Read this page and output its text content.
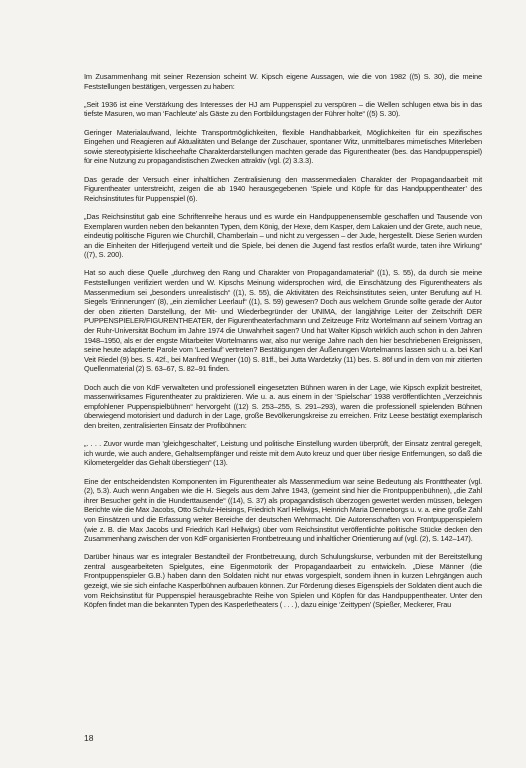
Im Zusammenhang mit seiner Rezension scheint W. Kipsch eigene Aussagen, wie die von 1982 ((5) S. 30), die meine Feststellungen bestätigen, vergessen zu haben:

„Seit 1936 ist eine Verstärkung des Interesses der HJ am Puppenspiel zu verspüren – die Wellen schlugen etwa bis in das tiefste Masuren, wo man ‘Fachleute’ als Gäste zu den Fortbildungstagen der Führer holte“ ((5) S. 30).

Geringer Materialaufwand, leichte Transportmöglichkeiten, flexible Handhabbarkeit, Möglichkeiten für ein spezifisches Eingehen und Reagieren auf Aktualitäten und Belange der Zuschauer, spontaner Witz, unmittelbares mimetisches Miterleben sowie stereotypisierte klischeehafte Charakterdarstellungen machten gerade das Figurentheater (bes. das Handpuppenspiel) für eine Nutzung zu propagandistischen Zwecken attraktiv (vgl. (2) 3.3.3).

Das gerade der Versuch einer inhaltlichen Zentralisierung den massenmedialen Charakter der Propagandaarbeit mit Figurentheater unterstreicht, zeigen die ab 1940 herausgegebenen ‘Spiele und Köpfe für das Handpuppentheater’ des Reichsinstitutes für Puppenspiel (6).

„Das Reichsinstitut gab eine Schriftenreihe heraus und es wurde ein Handpuppenensemble geschaffen und Tausende von Exemplaren wurden neben den bekannten Typen, dem König, der Hexe, dem Kasper, dem Lakaien und der Grete, auch neue, eindeutig politische Figuren wie Churchill, Chamberlain – und nicht zu vergessen – der Jude, hergestellt. Diese Serien wurden an die Einheiten der Hitlerjugend verteilt und die Spiele, bei denen die Jugend fast restlos erfaßt wurde, taten ihre Wirkung“ ((7), S. 200).

Hat so auch diese Quelle „durchweg den Rang und Charakter von Propagandamaterial“ ((1), S. 55), da durch sie meine Feststellungen verifiziert werden und W. Kipschs Meinung widersprochen wird, die Einschätzung des Figurentheaters als Massenmedium sei „besonders unrealistisch“ ((1), S. 55), die Aktivitäten des Reichsinstitutes seien, unter Berufung auf H. Siegels ‘Erinnerungen’ (8), „ein ziemlicher Leerlauf“ ((1), S. 59) gewesen? Doch aus welchem Grunde sollte gerade der Autor der oben zitierten Darstellung, der Mit- und Wiederbegründer der UNIMA, der langjährige Leiter der Zeitschrift DER PUPPENSPIELER/FIGURENTHEATER, der Figurentheaterfachmann und Zeitzeuge Fritz Wortelmann auf seinem Vortrag an der Ruhr-Universität Bochum im Jahre 1974 die Unwahrheit sagen? Und hat Walter Kipsch wirklich auch schon in den Jahren 1948–1950, als er der engste Mitarbeiter Wortelmanns war, also nur wenige Jahre nach den hier beschriebenen Ereignissen, seine heute adaptierte Parole vom ‘Leerlauf’ vertreten? Bestätigungen der Äußerungen Wortelmanns lassen sich u. a. bei Karl Veit Riedel (9) bes. S. 42f., bei Manfred Wegner (10) S. 81ff., bei Jutta Wardetzky (11) bes. S. 86f und in dem von mir zitierten Quellenmaterial (2) S. 63–67, S. 82–91 finden.

Doch auch die von KdF verwalteten und professionell eingesetzten Bühnen waren in der Lage, wie Kipsch explizit bestreitet, massenwirksames Figurentheater zu praktizieren. Wie u. a. aus einem in der ‘Spielschar’ 1938 veröffentlichten „Verzeichnis empfohlener Puppenspielbühnen“ hervorgeht ((12) S. 253–255, S. 291–293), waren die professionell spielenden Bühnen überwiegend motorisiert und dadurch in der Lage, große Bevölkerungskreise zu erreichen. Fritz Leese bestätigt exemplarisch den breiten, zentralisierten Einsatz der Profibühnen:

„. . . . Zuvor wurde man ‘gleichgeschaltet’, Leistung und politische Einstellung wurden überprüft, der Einsatz zentral geregelt, ich wurde, wie auch andere, Gehaltsempfänger und reiste mit dem Auto kreuz und quer über riesige Entfernungen, so daß die Kilometergelder das Gehalt überstiegen“ (13).

Eine der entscheidendsten Komponenten im Figurentheater als Massenmedium war seine Bedeutung als Frontttheater (vgl. (2), 5.3). Auch wenn Angaben wie die H. Siegels aus dem Jahre 1943, (gemeint sind hier die Frontpuppenbühnen), „die Zahl ihrer Besucher geht in die Hunderttausende“ ((14), S. 37) als propagandistisch überzogen gewertet werden müssen, belegen Berichte wie die Max Jacobs, Otto Schulz-Heisings, Friedrich Karl Hellwigs, Heinrich Maria Denneborgs u. v. a. eine große Zahl von Einsätzen und die Erfassung weiter Bereiche der deutschen Wehrmacht. Die Autorenschaften von Frontpuppenspielern (wie z. B. die Max Jacobs und Friedrich Karl Hellwigs) über vom Reichsinstitut veröffentlichte politische Stücke decken den Zusammenhang zwischen der von KdF organisierten Frontbetreuung und inhaltlicher Orientierung auf (vgl. (2), S. 142–147).

Darüber hinaus war es integraler Bestandteil der Frontbetreuung, durch Schulungskurse, verbunden mit der Bereitstellung zentral ausgearbeiteten Spielgutes, eine Eigenmotorik der Propagandaarbeit zu entwickeln. „Diese Männer (die Frontpuppenspieler G.B.) haben dann den Soldaten nicht nur etwas vorgespielt, sondern ihnen in kurzen Lehrgängen auch gezeigt, wie sie sich einfache Kasperlbühnen aufbauen können. Zur Förderung dieses Eigenspiels der Soldaten dient auch die vom Reichsinstitut für Puppenspiel herausgebrachte Reihe von Spielen und Köpfen für das Handpuppentheater. Unter den Köpfen findet man die bekannten Typen des Kasperletheaters ( . . . ), dazu einige ‘Zeittypen’ (Spießer, Meckerer, Frau

18
